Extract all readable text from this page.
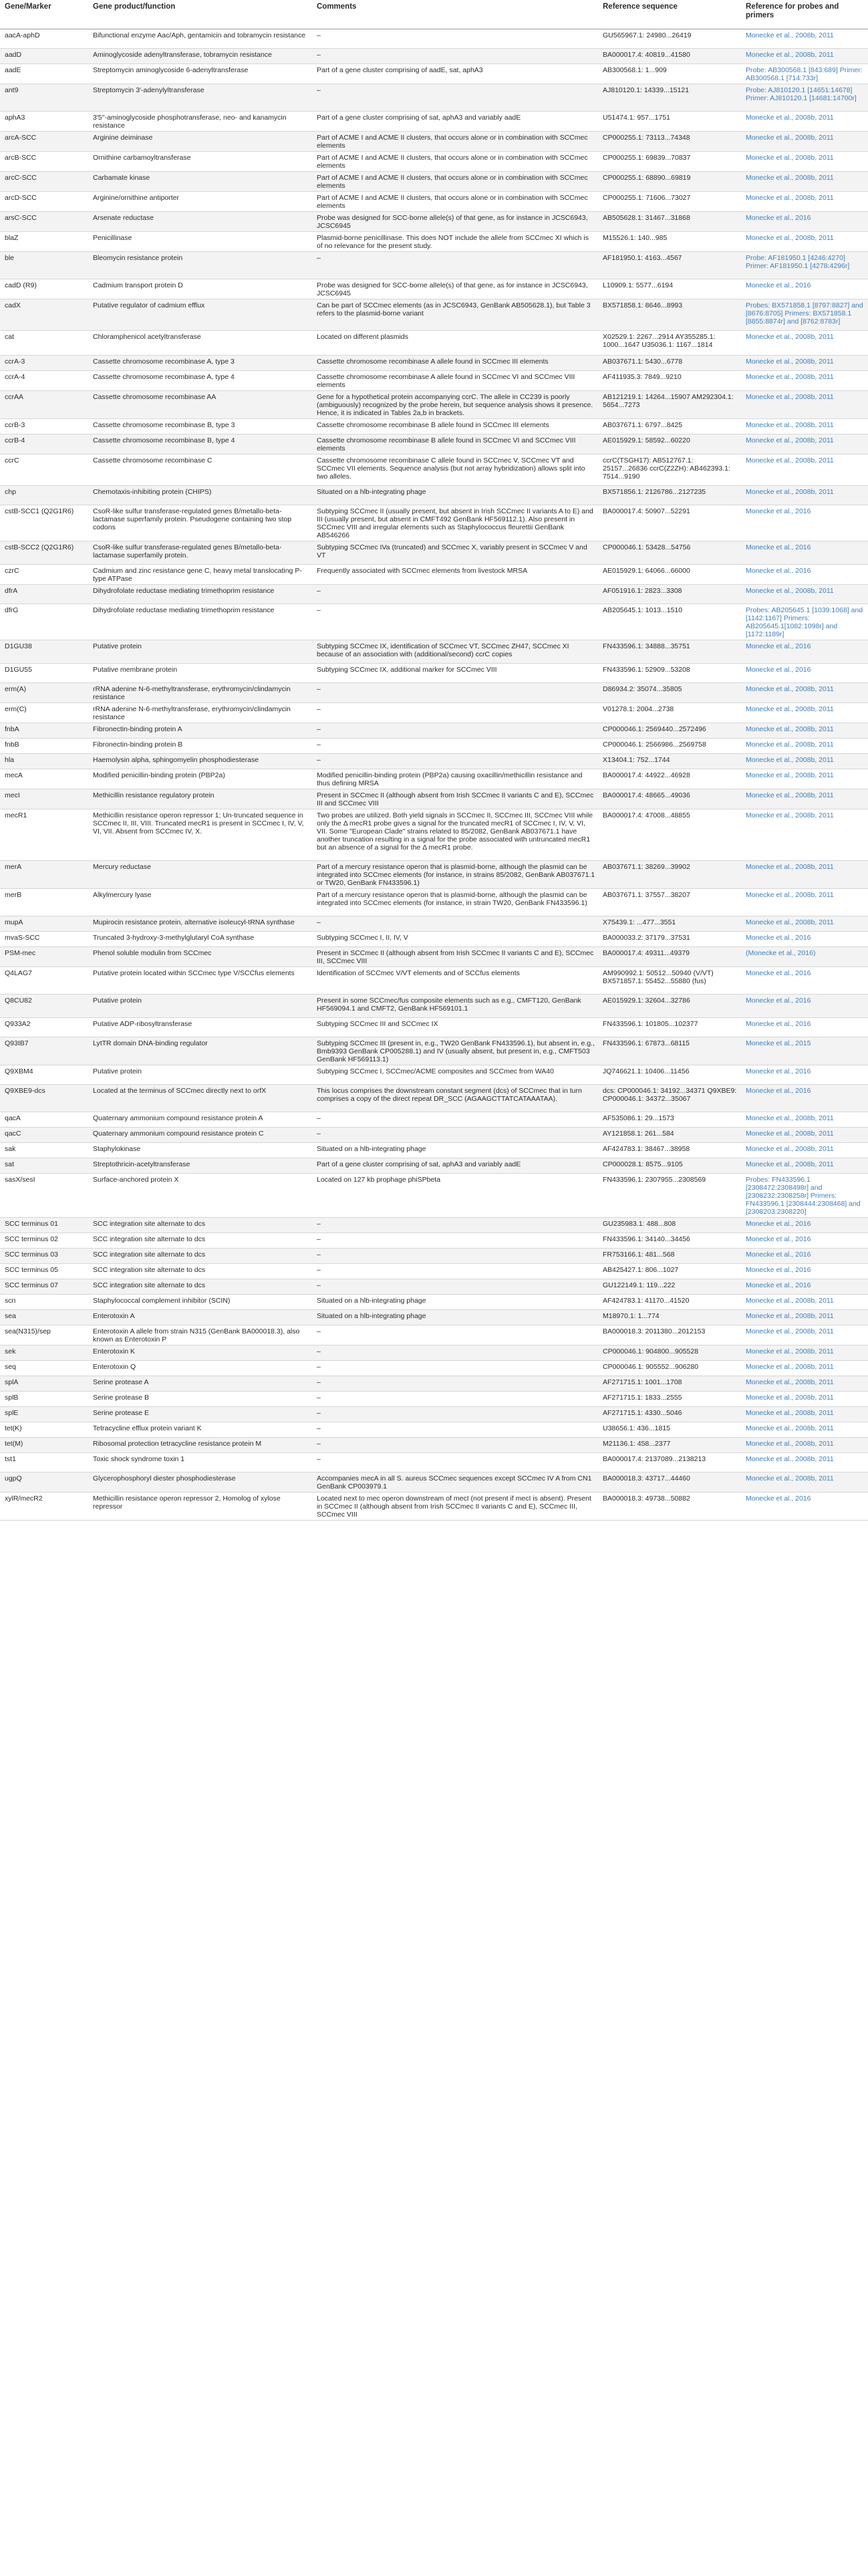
Gene/Marker	Gene product/function	Comments	Reference sequence	Reference for probes and primers
aacA-aphD	Bifunctional enzyme Aac/Aph, gentamicin and tobramycin resistance	–	GU565967.1: 24980...26419	Monecke et al., 2008b, 2011
aadD	Aminoglycoside adenyltransferase, tobramycin resistance	–	BA000017.4: 40819...41580	Monecke et al., 2008b, 2011
aadE	Streptomycin aminoglycoside 6-adenyltransferase	Part of a gene cluster comprising of aadE, sat, aphA3	AB300568.1: 1...909	Probe: AB300568.1 [843:689] Primer: AB300568.1 [714:733r]
ant9	Streptomycin 3′-adenylyltransferase	–	AJ810120.1: 14339...15121	Probe: AJ810120.1 [14651:14678] Primer: AJ810120.1 [14681:14700r]
aphA3	3′5′′-aminoglycoside phosphotransferase, neo- and kanamycin resistance	Part of a gene cluster comprising of sat, aphA3 and variably aadE	U51474.1: 957...1751	Monecke et al., 2008b, 2011
arcA-SCC	Arginine deiminase	Part of ACME I and ACME II clusters, that occurs alone or in combination with SCCmec elements	CP000255.1: 73113...74348	Monecke et al., 2008b, 2011
arcB-SCC	Ornithine carbamoyltransferase	Part of ACME I and ACME II clusters, that occurs alone or in combination with SCCmec elements	CP000255.1: 69839...70837	Monecke et al., 2008b, 2011
arcC-SCC	Carbamate kinase	Part of ACME I and ACME II clusters, that occurs alone or in combination with SCCmec elements	CP000255.1: 68890...69819	Monecke et al., 2008b, 2011
arcD-SCC	Arginine/ornithine antiporter	Part of ACME I and ACME II clusters, that occurs alone or in combination with SCCmec elements	CP000255.1: 71606...73027	Monecke et al., 2008b, 2011
arsC-SCC	Arsenate reductase	Probe was designed for SCC-borne allele(s) of that gene, as for instance in JCSC6943, JCSC6945	AB505628.1: 31467...31868	Monecke et al., 2016
blaZ	Penicillinase	Plasmid-borne penicillinase. This does NOT include the allele from SCCmec XI which is of no relevance for the present study.	M15526.1: 140...985	Monecke et al., 2008b, 2011
ble	Bleomycin resistance protein	–	AF181950.1: 4163...4567	Probe: AF181950.1 [4246:4270] Primer: AF181950.1 [4278:4296r]
cadD (R9)	Cadmium transport protein D	Probe was designed for SCC-borne allele(s) of that gene, as for instance in JCSC6943, JCSC6945	L10909.1: 5577...6194	Monecke et al., 2016
cadX	Putative regulator of cadmium efflux	Can be part of SCCmec elements (as in JCSC6943, GenBank AB505628.1), but Table 3 refers to the plasmid-borne variant	BX571858.1: 8646...8993	Probes: BX571858.1 [8797:8827] and [8676:8705] Primers: BX571858.1 [8855:8874r] and [8762:8783r]
cat	Chloramphenicol acetyltransferase	Located on different plasmids	X02529.1: 2267...2914 AY355285.1: 1000...1647 U35036.1: 1167...1814	Monecke et al., 2008b, 2011
ccrA-3	Cassette chromosome recombinase A, type 3	Cassette chromosome recombinase A allele found in SCCmec III elements	AB037671.1: 5430...6778	Monecke et al., 2008b, 2011
ccrA-4	Cassette chromosome recombinase A, type 4	Cassette chromosome recombinase A allele found in SCCmec VI and SCCmec VIII elements	AF411935.3: 7849...9210	Monecke et al., 2008b, 2011
ccrAA	Cassette chromosome recombinase AA	Gene for a hypothetical protein accompanying ccrC. The allele in CC239 is poorly (ambiguously) recognized by the probe herein, but sequence analysis shows it presence. Hence, it is indicated in Tables 2a,b in brackets.	AB121219.1: 14264...15907 AM292304.1: 5654...7273	Monecke et al., 2008b, 2011
ccrB-3	Cassette chromosome recombinase B, type 3	Cassette chromosome recombinase B allele found in SCCmec III elements	AB037671.1: 6797...8425	Monecke et al., 2008b, 2011
ccrB-4	Cassette chromosome recombinase B, type 4	Cassette chromosome recombinase B allele found in SCCmec VI and SCCmec VIII elements	AE015929.1: 58592...60220	Monecke et al., 2008b, 2011
ccrC	Cassette chromosome recombinase C	Cassette chromosome recombinase C allele found in SCCmec V, SCCmec VT and SCCmec VII elements. Sequence analysis (but not array hybridization) allows split into two alleles.	ccrC(TSGH17): AB512767.1: 25157...26836 ccrC(Z2ZH): AB462393.1: 7514...9190	Monecke et al., 2008b, 2011
chp	Chemotaxis-inhibiting protein (CHIPS)	Situated on a hlb-integrating phage	BX571856.1: 2126786...2127235	Monecke et al., 2008b, 2011
cstB-SCC1 (Q2G1R6)	CsoR-like sulfur transferase-regulated genes B/metallo-beta-lactamase superfamily protein. Pseudogene containing two stop codons	Subtyping SCCmec II (usually present, but absent in Irish SCCmec II variants A to E) and III (usually present, but absent in CMFT492 GenBank HF569112.1). Also present in SCCmec VIII and irregular elements such as Staphylococcus fleurettii GenBank AB546266	BA000017.4: 50907...52291	Monecke et al., 2016
cstB-SCC2 (Q2G1R6)	CsoR-like sulfur transferase-regulated genes B/metallo-beta-lactamase superfamily protein.	Subtyping SCCmec IVa (truncated) and SCCmec X, variably present in SCCmec V and VT	CP000046.1: 53428...54756	Monecke et al., 2016
czrC	Cadmium and zinc resistance gene C, heavy metal translocating P-type ATPase	Frequently associated with SCCmec elements from livestock MRSA	AE015929.1: 64066...66000	Monecke et al., 2016
dfrA	Dihydrofolate reductase mediating trimethoprim resistance	–	AF051916.1: 2823...3308	Monecke et al., 2008b, 2011
dfrG	Dihydrofolate reductase mediating trimethoprim resistance	–	AB205645.1: 1013...1510	Probes: AB205645.1 [1039:1068] and [1142:1167] Primers: AB205645.1[1082:1098r] and [1172:1189r]
D1GU38	Putative protein	Subtyping SCCmec IX, identification of SCCmec VT, SCCmec ZH47, SCCmec XI because of an association with (additional/second) ccrC copies	FN433596.1: 34888...35751	Monecke et al., 2016
D1GU55	Putative membrane protein	Subtyping SCCmec IX, additional marker for SCCmec VIII	FN433596.1: 52909...53208	Monecke et al., 2016
erm(A)	rRNA adenine N-6-methyltransferase, erythromycin/clindamycin resistance	–	D86934.2: 35074...35805	Monecke et al., 2008b, 2011
erm(C)	rRNA adenine N-6-methyltransferase, erythromycin/clindamycin resistance	–	V01278.1: 2004...2738	Monecke et al., 2008b, 2011
fnbA	Fibronectin-binding protein A	–	CP000046.1: 2569440...2572496	Monecke et al., 2008b, 2011
fnbB	Fibronectin-binding protein B	–	CP000046.1: 2566986...2569758	Monecke et al., 2008b, 2011
hla	Haemolysin alpha, sphingomyelin phosphodiesterase	–	X13404.1: 752...1744	Monecke et al., 2008b, 2011
mecA	Modified penicillin-binding protein (PBP2a)	Modified penicillin-binding protein (PBP2a) causing oxacillin/methicillin resistance and thus defining MRSA	BA000017.4: 44922...46928	Monecke et al., 2008b, 2011
mecI	Methicillin resistance regulatory protein	Present in SCCmec II (although absent from Irish SCCmec II variants C and E), SCCmec III and SCCmec VIII	BA000017.4: 48665...49036	Monecke et al., 2008b, 2011
mecR1	Methicillin resistance operon repressor 1; Un-truncated sequence in SCCmec II, III, VIII. Truncated mecR1 is present in SCCmec I, IV, V, VI, VII. Absent from SCCmec IV, X.	Two probes are utilized. Both yield signals in SCCmec II, SCCmec III, SCCmec VIII while only the Δ mecR1 probe gives a signal for the truncated mecR1 of SCCmec I, IV, V, VI, VII. Some "European Clade" strains related to 85/2082, GenBank AB037671.1 have another truncation resulting in a signal for the probe associated with untruncated mecR1 but an absence of a signal for the Δ mecR1 probe.	BA000017.4: 47008...48855	Monecke et al., 2008b, 2011
merA	Mercury reductase	Part of a mercury resistance operon that is plasmid-borne, although the plasmid can be integrated into SCCmec elements (for instance, in strains 85/2082, GenBank AB037671.1 or TW20, GenBank FN433596.1)	AB037671.1: 38269...39902	Monecke et al., 2008b, 2011
merB	Alkylmercury lyase	Part of a mercury resistance operon that is plasmid-borne, although the plasmid can be integrated into SCCmec elements (for instance, in strain TW20, GenBank FN433596.1)	AB037671.1: 37557...38207	Monecke et al., 2008b, 2011
mupA	Mupirocin resistance protein, alternative isoleucyl-tRNA synthase	–	X75439.1: ...477...3551	Monecke et al., 2008b, 2011
mvaS-SCC	Truncated 3-hydroxy-3-methylglutaryl CoA synthase	Subtyping SCCmec I, II, IV, V	BA000033.2: 37179...37531	Monecke et al., 2016
PSM-mec	Phenol soluble modulin from SCCmec	Present in SCCmec II (although absent from Irish SCCmec II variants C and E), SCCmec III, SCCmec VIII	BA000017.4: 49311...49379	(Monecke et al., 2016)
Q4LAG7	Putative protein located within SCCmec type V/SCCfus elements	Identification of SCCmec V/VT elements and of SCCfus elements	AM990992.1: 50512...50940 (V/VT) BX571857.1: 55452...55880 (fus)	Monecke et al., 2016
Q8CU82	Putative protein	Present in some SCCmec/fus composite elements such as e.g., CMFT120, GenBank HF569094.1 and CMFT2, GenBank HF569101.1	AE015929.1: 32604...32786	Monecke et al., 2016
Q933A2	Putative ADP-ribosyltransferase	Subtyping SCCmec III and SCCmec IX	FN433596.1: 101805...102377	Monecke et al., 2016
Q93IB7	LytTR domain DNA-binding regulator	Subtyping SCCmec III (present in, e.g., TW20 GenBank FN433596.1), but absent in, e.g., Bmb9393 GenBank CP005288.1) and IV (usually absent, but present in, e.g., CMFT503 GenBank HF569113.1)	FN433596.1: 67873...68115	Monecke et al., 2015
Q9XBM4	Putative protein	Subtyping SCCmec I, SCCmec/ACME composites and SCCmec from WA40	JQ746621.1: 10406...11456	Monecke et al., 2016
Q9XBE9-dcs	Located at the terminus of SCCmec directly next to orfX	This locus comprises the downstream constant segment (dcs) of SCCmec that in turn comprises a copy of the direct repeat DR_SCC (AGAAGCTTATCATAAATAA).	dcs: CP000046.1: 34192...34371 Q9XBE9: CP000046.1: 34372...35067	Monecke et al., 2016
qacA	Quaternary ammonium compound resistance protein A	–	AF535086.1: 29...1573	Monecke et al., 2008b, 2011
qacC	Quaternary ammonium compound resistance protein C	–	AY121858.1: 261...584	Monecke et al., 2008b, 2011
sak	Staphylokinase	Situated on a hlb-integrating phage	AF424783.1: 38467...38958	Monecke et al., 2008b, 2011
sat	Streptothricin-acetyltransferase	Part of a gene cluster comprising of sat, aphA3 and variably aadE	CP000028.1: 8575...9105	Monecke et al., 2008b, 2011
sasX/sesI	Surface-anchored protein X	Located on 127 kb prophage phiSPbeta	FN433596.1: 2307955...2308569	Probes: FN433596.1 [2308472:2308498r] and [2308232:2308258r] Primers: FN433596.1 [2308444:2308468] and [2308203:2308220]
SCC terminus 01	SCC integration site alternate to dcs	–	GU235983.1: 488...808	Monecke et al., 2016
SCC terminus 02	SCC integration site alternate to dcs	–	FN433596.1: 34140...34456	Monecke et al., 2016
SCC terminus 03	SCC integration site alternate to dcs	–	FR753166.1: 481...568	Monecke et al., 2016
SCC terminus 05	SCC integration site alternate to dcs	–	AB425427.1: 806...1027	Monecke et al., 2016
SCC terminus 07	SCC integration site alternate to dcs	–	GU122149.1: 119...222	Monecke et al., 2016
scn	Staphylococcal complement inhibitor (SCIN)	Situated on a hlb-integrating phage	AF424783.1: 41170...41520	Monecke et al., 2008b, 2011
sea	Enterotoxin A	Situated on a hlb-integrating phage	M18970.1: 1...774	Monecke et al., 2008b, 2011
sea(N315)/sep	Enterotoxin A allele from strain N315 (GenBank BA000018.3), also known as Enterotoxin P	–	BA000018.3: 2011380...2012153	Monecke et al., 2008b, 2011
sek	Enterotoxin K	–	CP000046.1: 904800...905528	Monecke et al., 2008b, 2011
seq	Enterotoxin Q	–	CP000046.1: 905552...906280	Monecke et al., 2008b, 2011
splA	Serine protease A	–	AF271715.1: 1001...1708	Monecke et al., 2008b, 2011
splB	Serine protease B	–	AF271715.1: 1833...2555	Monecke et al., 2008b, 2011
splE	Serine protease E	–	AF271715.1: 4330...5046	Monecke et al., 2008b, 2011
tet(K)	Tetracycline efflux protein variant K	–	U38656.1: 436...1815	Monecke et al., 2008b, 2011
tet(M)	Ribosomal protection tetracycline resistance protein M	–	M21136.1: 458...2377	Monecke et al., 2008b, 2011
tst1	Toxic shock syndrome toxin 1	–	BA000017.4: 2137089...2138213	Monecke et al., 2008b, 2011
ugpQ	Glycerophosphoryl diester phosphodiesterase	Accompanies mecA in all S. aureus SCCmec sequences except SCCmec IV A from CN1 GenBank CP003979.1	BA000018.3: 43717...44460	Monecke et al., 2008b, 2011
xylR/mecR2	Methicillin resistance operon repressor 2, Homolog of xylose repressor	Located next to mec operon downstream of mecI (not present if mecI is absent). Present in SCCmec II (although absent from Irish SCCmec II variants C and E), SCCmec III, SCCmec VIII	BA000018.3: 49738...50882	Monecke et al., 2016
